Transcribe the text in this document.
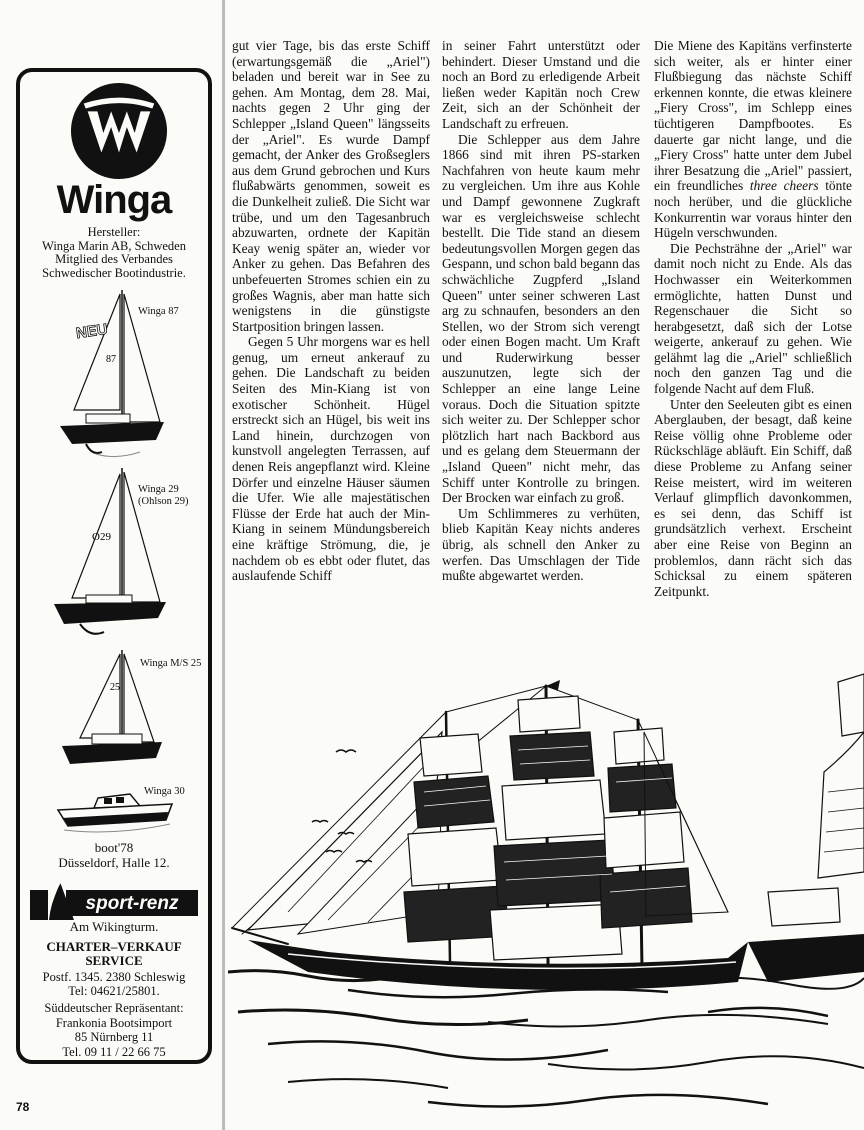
Winga
Hersteller:
Winga Marin AB, Schweden
Mitglied des Verbandes
Schwedischer Bootindustrie.
87
NEU
Winga 87
O29
Winga 29
(Ohlson 29)
25
Winga M/S 25
Winga 30
boot'78
Düsseldorf, Halle 12.
sport-renz
Am Wikingturm.
CHARTER–VERKAUF
SERVICE
Postf. 1345. 2380 Schleswig
Tel: 04621/25801.
Süddeutscher Repräsentant:
Frankonia Bootsimport
85 Nürnberg 11
Tel. 09 11 / 22 66 75

gut vier Tage, bis das erste Schiff (erwartungsgemäß die „Ariel") beladen und bereit war in See zu gehen. Am Montag, dem 28. Mai, nachts gegen 2 Uhr ging der Schlepper „Island Queen" längsseits der „Ariel". Es wurde Dampf gemacht, der Anker des Großseglers aus dem Grund gebrochen und Kurs flußabwärts genommen, soweit es die Dunkelheit zuließ. Die Sicht war trübe, und um den Tagesanbruch abzuwarten, ordnete der Kapitän Keay wenig später an, wieder vor Anker zu gehen. Das Befahren des unbefeuerten Stromes schien ein zu großes Wagnis, aber man hatte sich wenigstens in die günstigste Startposition bringen lassen.

Gegen 5 Uhr morgens war es hell genug, um erneut ankerauf zu gehen. Die Landschaft zu beiden Seiten des Min-Kiang ist von exotischer Schönheit. Hügel erstreckt sich an Hügel, bis weit ins Land hinein, durchzogen von kunstvoll angelegten Terrassen, auf denen Reis angepflanzt wird. Kleine Dörfer und einzelne Häuser säumen die Ufer. Wie alle majestätischen Flüsse der Erde hat auch der Min-Kiang in seinem Mündungsbereich eine kräftige Strömung, die, je nachdem ob es ebbt oder flutet, das auslaufende Schiff

in seiner Fahrt unterstützt oder behindert. Dieser Umstand und die noch an Bord zu erledigende Arbeit ließen weder Kapitän noch Crew Zeit, sich an der Schönheit der Landschaft zu erfreuen.

Die Schlepper aus dem Jahre 1866 sind mit ihren PS-starken Nachfahren von heute kaum mehr zu vergleichen. Um ihre aus Kohle und Dampf gewonnene Zugkraft war es vergleichsweise schlecht bestellt. Die Tide stand an diesem bedeutungsvollen Morgen gegen das Gespann, und schon bald begann das schwächliche Zugpferd „Island Queen" unter seiner schweren Last arg zu schnaufen, besonders an den Stellen, wo der Strom sich verengt oder einen Bogen macht. Um Kraft und Ruderwirkung besser auszunutzen, legte sich der Schlepper an eine lange Leine voraus. Doch die Situation spitzte sich weiter zu. Der Schlepper schor plötzlich hart nach Backbord aus und es gelang dem Steuermann der „Island Queen" nicht mehr, das Schiff unter Kontrolle zu bringen. Der Brocken war einfach zu groß.

Um Schlimmeres zu verhüten, blieb Kapitän Keay nichts anderes übrig, als schnell den Anker zu werfen. Das Umschlagen der Tide mußte abgewartet werden.

Die Miene des Kapitäns verfinsterte sich weiter, als er hinter einer Flußbiegung das nächste Schiff erkennen konnte, die etwas kleinere „Fiery Cross", im Schlepp eines tüchtigeren Dampfbootes. Es dauerte gar nicht lange, und die „Fiery Cross" hatte unter dem Jubel ihrer Besatzung die „Ariel" passiert, ein freundliches three cheers tönte noch herüber, und die glückliche Konkurrentin war voraus hinter den Hügeln verschwunden.

Die Pechsträhne der „Ariel" war damit noch nicht zu Ende. Als das Hochwasser ein Weiterkommen ermöglichte, hatten Dunst und Regenschauer die Sicht so herabgesetzt, daß sich der Lotse weigerte, ankerauf zu gehen. Wie gelähmt lag die „Ariel" schließlich noch den ganzen Tag und die folgende Nacht auf dem Fluß.

Unter den Seeleuten gibt es einen Aberglauben, der besagt, daß keine Reise völlig ohne Probleme oder Rückschläge abläuft. Ein Schiff, daß diese Probleme zu Anfang seiner Reise meistert, wird im weiteren Verlauf glimpflich davonkommen, es sei denn, das Schiff ist grundsätzlich verhext. Erscheint aber eine Reise von Beginn an problemlos, dann rächt sich das Schicksal zu einem späteren Zeitpunkt.

78
